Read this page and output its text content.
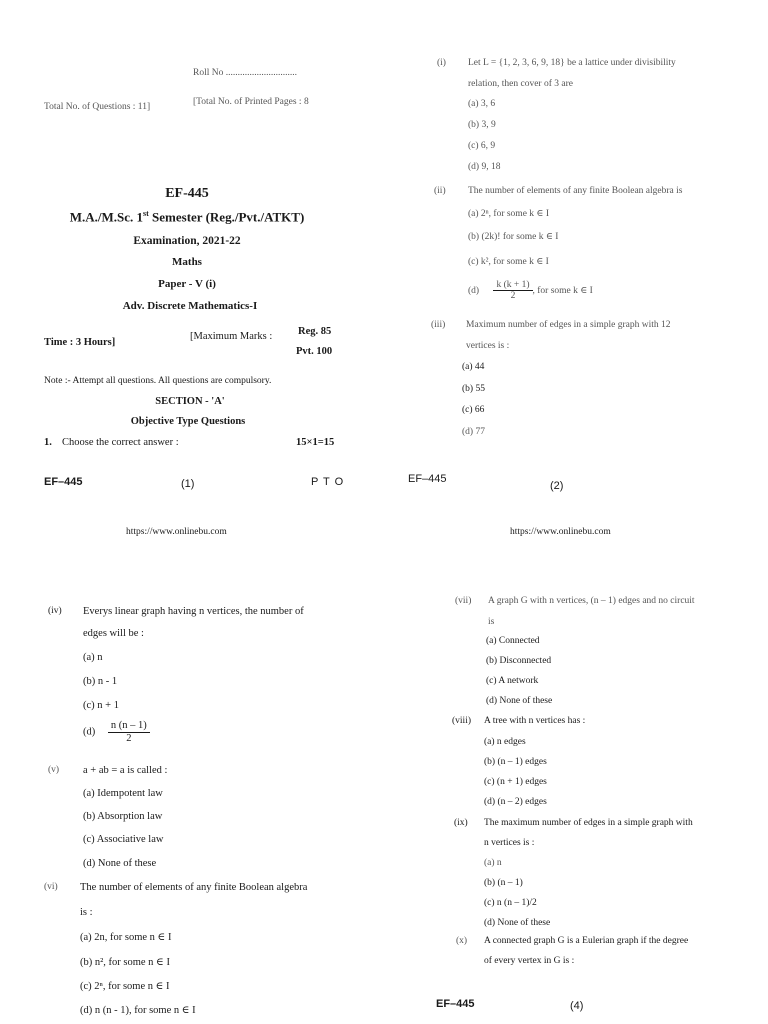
Roll No ..............................
Total No. of Questions : 11]	[Total No. of Printed Pages : 8
EF-445
M.A./M.Sc. 1st Semester (Reg./Pvt./ATKT)
Examination, 2021-22
Maths
Paper - V (i)
Adv. Discrete Mathematics-I
Time : 3 Hours]
[Maximum Marks : Reg. 85
Pvt. 100
Note :- Attempt all questions. All questions are compulsory.
SECTION - 'A'
Objective Type Questions
1. Choose the correct answer :	15×1=15
EF–445	(1)	P T O
https://www.onlinebu.com
(i) Let L = {1, 2, 3, 6, 9, 18} be a lattice under divisibility
relation, then cover of 3 are
(a) 3, 6
(b) 3, 9
(c) 6, 9
(d) 9, 18
(ii) The number of elements of any finite Boolean algebra is
(a) 2ⁿ, for some k ∈ I
(b) (2k)! for some k ∈ I
(c) k², for some k ∈ I
$(d) \frac{k (k + 1)}{2}$ , for some k ∈ I
(iii) Maximum number of edges in a simple graph with 12
vertices is :
(a) 44
(b) 55
(c) 66
(d) 77
EF–445
(2)
https://www.onlinebu.com
(iv) Everys linear graph having n vertices, the number of
edges will be :
(a) n
(b) n - 1
(c) n + 1
$(d) \frac{n (n - 1)}{2}$
(v) a + ab = a is called :
(a) Idempotent law
(b) Absorption law
(c) Associative law
(d) None of these
(vi) The number of elements of any finite Boolean algebra
is :
(a) 2n, for some n ∈ I
(b) n², for some n ∈ I
(c) 2ⁿ, for some n ∈ I
(d) n (n - 1), for some n ∈ I
(vii) A graph G with n vertices, (n – 1) edges and no circuit
is
(a) Connected
(b) Disconnected
(c) A network
(d) None of these
(viii) A tree with n vertices has :
(a) n edges
(b) (n – 1) edges
(c) (n + 1) edges
(d) (n – 2) edges
(ix) The maximum number of edges in a simple graph with
n vertices is :
(a) n
(b) (n – 1)
(c) n (n – 1)/2
(d) None of these
(x) A connected graph G is a Eulerian graph if the degree
of every vertex in G is :
EF–445	(4)
